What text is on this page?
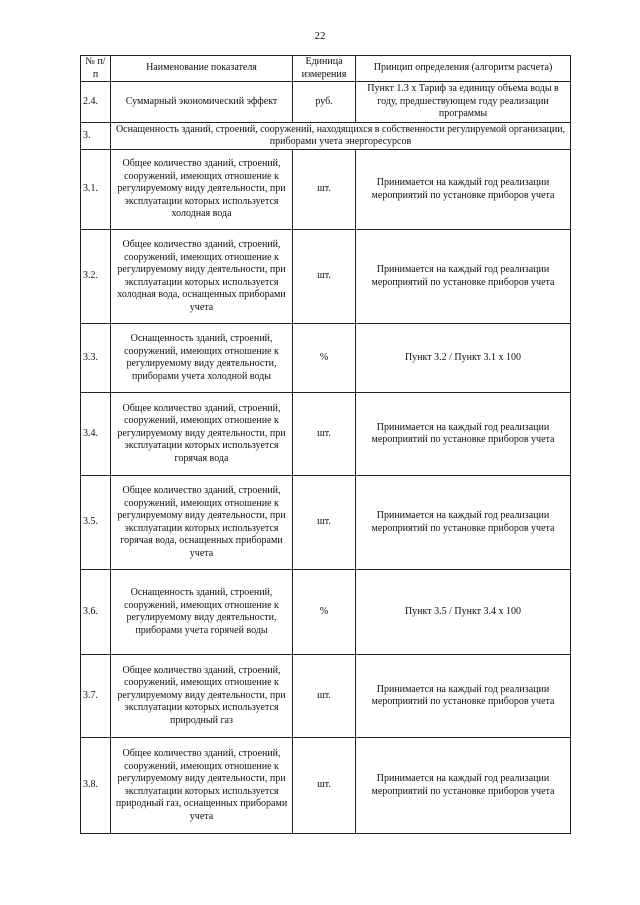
22
№ п/п	Наименование показателя	Единица измерения	Принцип определения (алгоритм расчета)
2.4.	Суммарный экономический эффект	руб.	Пункт 1.3 х Тариф за единицу объема воды в году, предшествующем году реализации программы
3.	Оснащенность зданий, строений, сооружений, находящихся в собственности регулируемой организации, приборами учета энергоресурсов		
3.1.	Общее количество зданий, строений, сооружений, имеющих отношение к регулируемому виду деятельности, при эксплуатации которых используется холодная вода	шт.	Принимается на каждый год реализации мероприятий по установке приборов учета
3.2.	Общее количество зданий, строений, сооружений, имеющих отношение к регулируемому виду деятельности, при эксплуатации которых используется холодная вода, оснащенных приборами учета	шт.	Принимается на каждый год реализации мероприятий по установке приборов учета
3.3.	Оснащенность зданий, строений, сооружений, имеющих отношение к регулируемому виду деятельности, приборами учета холодной воды	%	Пункт 3.2 / Пункт 3.1 х 100
3.4.	Общее количество зданий, строений, сооружений, имеющих отношение к регулируемому виду деятельности, при эксплуатации которых используется горячая вода	шт.	Принимается на каждый год реализации мероприятий по установке приборов учета
3.5.	Общее количество зданий, строений, сооружений, имеющих отношение к регулируемому виду деятельности, при эксплуатации которых используется горячая вода, оснащенных приборами учета	шт.	Принимается на каждый год реализации мероприятий по установке приборов учета
3.6.	Оснащенность зданий, строений, сооружений, имеющих отношение к регулируемому виду деятельности, приборами учета горячей воды	%	Пункт 3.5 / Пункт 3.4 х 100
3.7.	Общее количество зданий, строений, сооружений, имеющих отношение к регулируемому виду деятельности, при эксплуатации которых используется природный газ	шт.	Принимается на каждый год реализации мероприятий по установке приборов учета
3.8.	Общее количество зданий, строений, сооружений, имеющих отношение к регулируемому виду деятельности, при эксплуатации которых используется природный газ, оснащенных приборами учета	шт.	Принимается на каждый год реализации мероприятий по установке приборов учета
